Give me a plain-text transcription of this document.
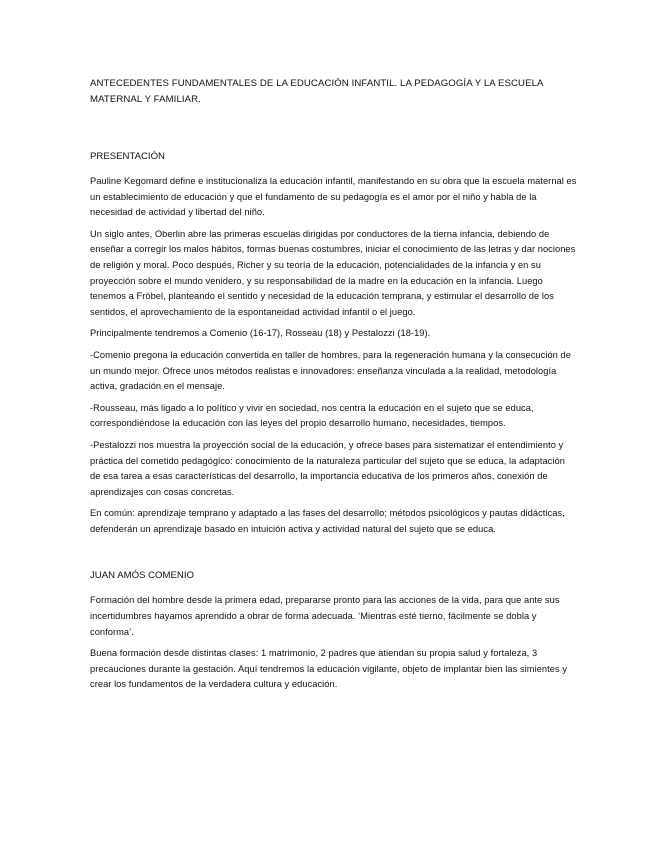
ANTECEDENTES FUNDAMENTALES DE LA EDUCACIÓN INFANTIL. LA PEDAGOGÍA Y LA ESCUELA MATERNAL Y FAMILIAR.
PRESENTACIÓN

Pauline Kegomard define e institucionaliza la educación infantil, manifestando en su obra que la escuela maternal es un establecimiento de educación y que el fundamento de su pedagogía es el amor por el niño y habla de la necesidad de actividad y libertad del niño.

Un siglo antes, Oberlin abre las primeras escuelas dirigidas por conductores de la tierna infancia, debiendo de enseñar a corregir los malos hábitos, formas buenas costumbres, iniciar el conocimiento de las letras y dar nociones de religión y moral. Poco después, Richer y su teoría de la educación, potencialidades de la infancia y en su proyección sobre el mundo venidero, y su responsabilidad de la madre en la educación en la infancia. Luego tenemos a Fröbel, planteando el sentido y necesidad de la educación temprana, y estimular el desarrollo de los sentidos, el aprovechamiento de la espontaneidad actividad infantil o el juego.

Principalmente tendremos a Comenio (16-17), Rosseau (18) y Pestalozzi (18-19).

-Comenio pregona la educación convertida en taller de hombres, para la regeneración humana y la consecución de un mundo mejor. Ofrece unos métodos realistas e innovadores: enseñanza vinculada a la realidad, metodología activa, gradación en el mensaje.

-Rousseau, más ligado a lo político y vivir en sociedad, nos centra la educación en el sujeto que se educa, correspondiéndose la educación con las leyes del propio desarrollo humano, necesidades, tiempos.

-Pestalozzi nos muestra la proyección social de la educación, y ofrece bases para sistematizar el entendimiento y práctica del cometido pedagógico: conocimiento de la naturaleza particular del sujeto que se educa, la adaptación de esa tarea a esas características del desarrollo, la importancia educativa de los primeros años, conexión de aprendizajes con cosas concretas.

En común: aprendizaje temprano y adaptado a las fases del desarrollo; métodos psicológicos y pautas didácticas, defenderán un aprendizaje basado en intuición activa y actividad natural del sujeto que se educa.

JUAN AMÓS COMENIO

Formación del hombre desde la primera edad, prepararse pronto para las acciones de la vida, para que ante sus incertidumbres hayamos aprendido a obrar de forma adecuada. ‘Mientras esté tierno, fácilmente se dobla y conforma’.

Buena formación desde distintas clases: 1 matrimonio, 2 padres que atiendan su propia salud y fortaleza, 3 precauciones durante la gestación. Aquí tendremos la educación vigilante, objeto de implantar bien las simientes y crear los fundamentos de la verdadera cultura y educación.
